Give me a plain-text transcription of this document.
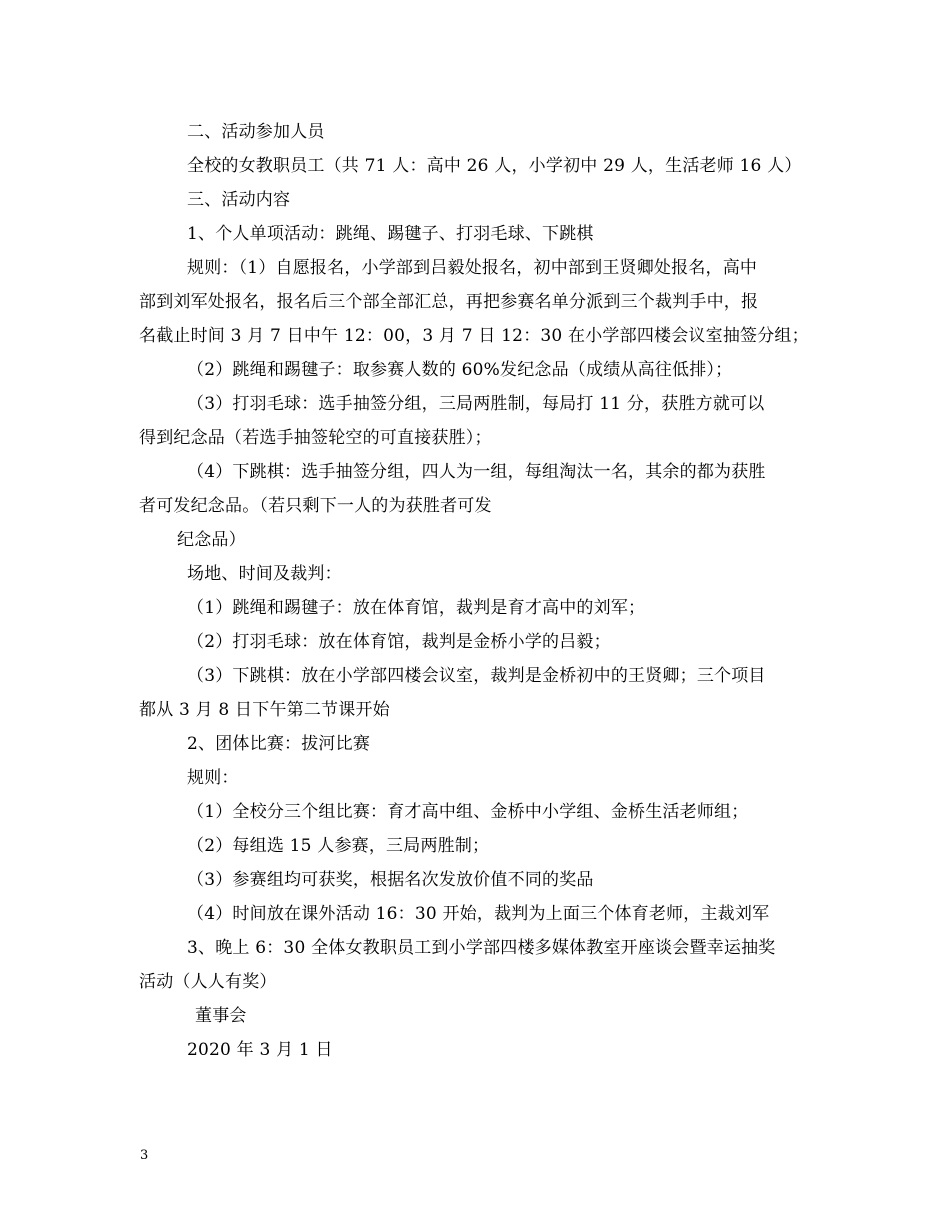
二、活动参加人员
全校的女教职员工（共 71 人：高中 26 人，小学初中 29 人，生活老师 16 人）
三、活动内容
1、个人单项活动：跳绳、踢毽子、打羽毛球、下跳棋
规则：（1）自愿报名，小学部到吕毅处报名，初中部到王贤卿处报名，高中
部到刘军处报名，报名后三个部全部汇总，再把参赛名单分派到三个裁判手中，报
名截止时间 3 月 7 日中午 12：00，3 月 7 日 12：30 在小学部四楼会议室抽签分组；
（2）跳绳和踢毽子：取参赛人数的 60%发纪念品（成绩从高往低排）；
（3）打羽毛球：选手抽签分组，三局两胜制，每局打 11 分，获胜方就可以
得到纪念品（若选手抽签轮空的可直接获胜）；
（4）下跳棋：选手抽签分组，四人为一组，每组淘汰一名，其余的都为获胜
者可发纪念品。（若只剩下一人的为获胜者可发
纪念品）
场地、时间及裁判：
（1）跳绳和踢毽子：放在体育馆，裁判是育才高中的刘军；
（2）打羽毛球：放在体育馆，裁判是金桥小学的吕毅；
（3）下跳棋：放在小学部四楼会议室，裁判是金桥初中的王贤卿；三个项目
都从 3 月 8 日下午第二节课开始
2、团体比赛：拔河比赛
规则：
（1）全校分三个组比赛：育才高中组、金桥中小学组、金桥生活老师组；
（2）每组选 15 人参赛，三局两胜制；
（3）参赛组均可获奖，根据名次发放价值不同的奖品
（4）时间放在课外活动 16：30 开始，裁判为上面三个体育老师，主裁刘军
3、晚上 6：30 全体女教职员工到小学部四楼多媒体教室开座谈会暨幸运抽奖
活动（人人有奖）
董事会
2020 年 3 月 1 日
3
